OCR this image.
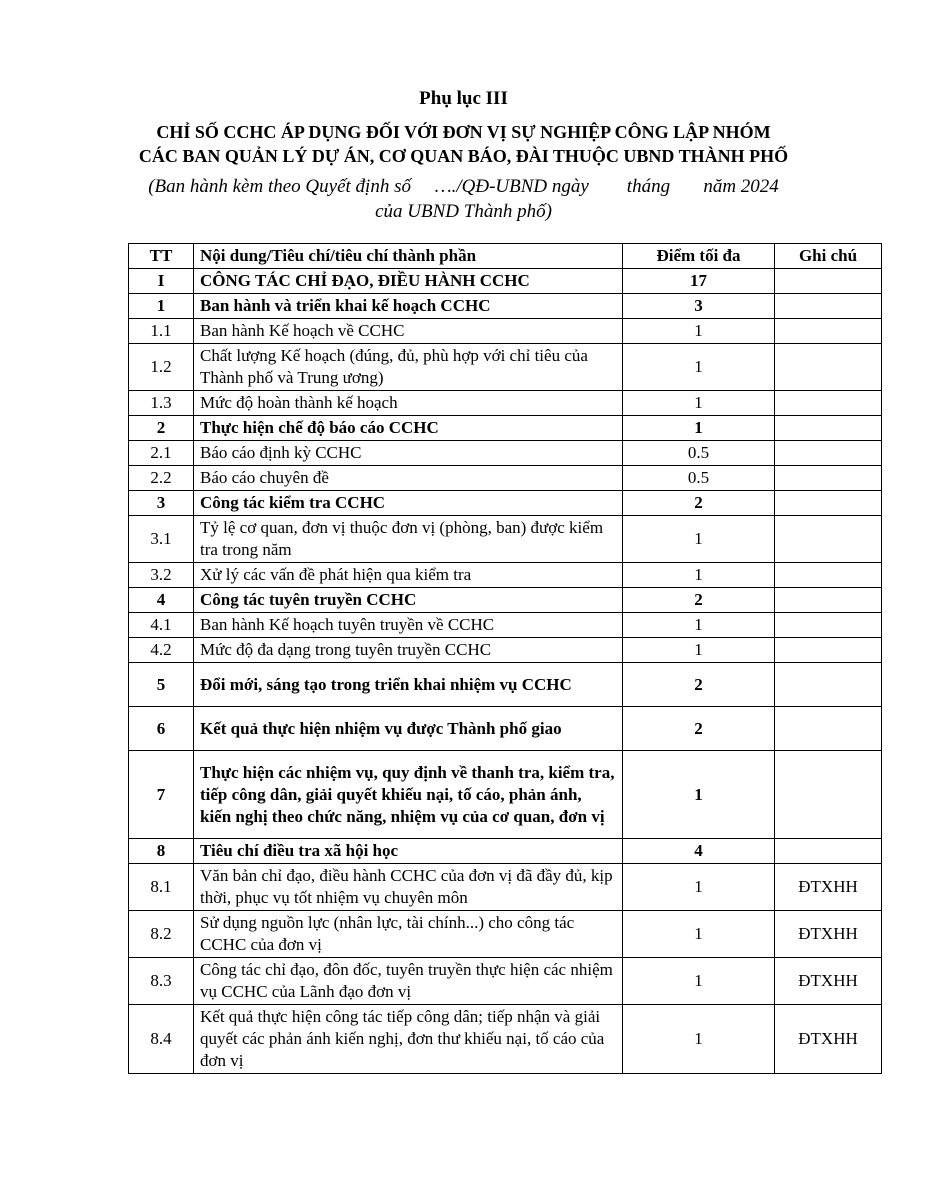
Phụ lục III
CHỈ SỐ CCHC ÁP DỤNG ĐỐI VỚI ĐƠN VỊ SỰ NGHIỆP CÔNG LẬP NHÓM
CÁC BAN QUẢN LÝ DỰ ÁN, CƠ QUAN BÁO, ĐÀI THUỘC UBND THÀNH PHỐ
(Ban hành kèm theo Quyết định số     …./QĐ-UBND ngày        tháng       năm 2024
của UBND Thành phố)
TT	Nội dung/Tiêu chí/tiêu chí thành phần	Điểm tối đa	Ghi chú
I	CÔNG TÁC CHỈ ĐẠO, ĐIỀU HÀNH CCHC	17	
1	Ban hành và triển khai kế hoạch CCHC	3	
1.1	Ban hành Kế hoạch về CCHC	1	
1.2	Chất lượng Kế hoạch (đúng, đủ, phù hợp với chỉ tiêu của Thành phố và Trung ương)	1	
1.3	Mức độ hoàn thành kế hoạch	1	
2	Thực hiện chế độ báo cáo CCHC	1	
2.1	Báo cáo định kỳ CCHC	0.5	
2.2	Báo cáo chuyên đề	0.5	
3	Công tác kiểm tra CCHC	2	
3.1	Tỷ lệ cơ quan, đơn vị thuộc đơn vị (phòng, ban) được kiểm tra trong năm	1	
3.2	Xử lý các vấn đề phát hiện qua kiểm tra	1	
4	Công tác tuyên truyền CCHC	2	
4.1	Ban hành Kế hoạch tuyên truyền về CCHC	1	
4.2	Mức độ đa dạng trong tuyên truyền CCHC	1	
5	Đổi mới, sáng tạo trong triển khai nhiệm vụ CCHC	2	
6	Kết quả thực hiện nhiệm vụ được Thành phố giao	2	
7	Thực hiện các nhiệm vụ, quy định về thanh tra, kiểm tra, tiếp công dân, giải quyết khiếu nại, tố cáo, phản ánh, kiến nghị theo chức năng, nhiệm vụ của cơ quan, đơn vị	1	
8	Tiêu chí điều tra xã hội học	4	
8.1	Văn bản chỉ đạo, điều hành CCHC của đơn vị đã đầy đủ, kịp thời, phục vụ tốt nhiệm vụ chuyên môn	1	ĐTXHH
8.2	Sử dụng nguồn lực (nhân lực, tài chính...) cho công tác CCHC của đơn vị	1	ĐTXHH
8.3	Công tác chỉ đạo, đôn đốc, tuyên truyền thực hiện các nhiệm vụ CCHC của Lãnh đạo đơn vị	1	ĐTXHH
8.4	Kết quả thực hiện công tác tiếp công dân; tiếp nhận và giải quyết các phản ánh kiến nghị, đơn thư khiếu nại, tố cáo của đơn vị	1	ĐTXHH
